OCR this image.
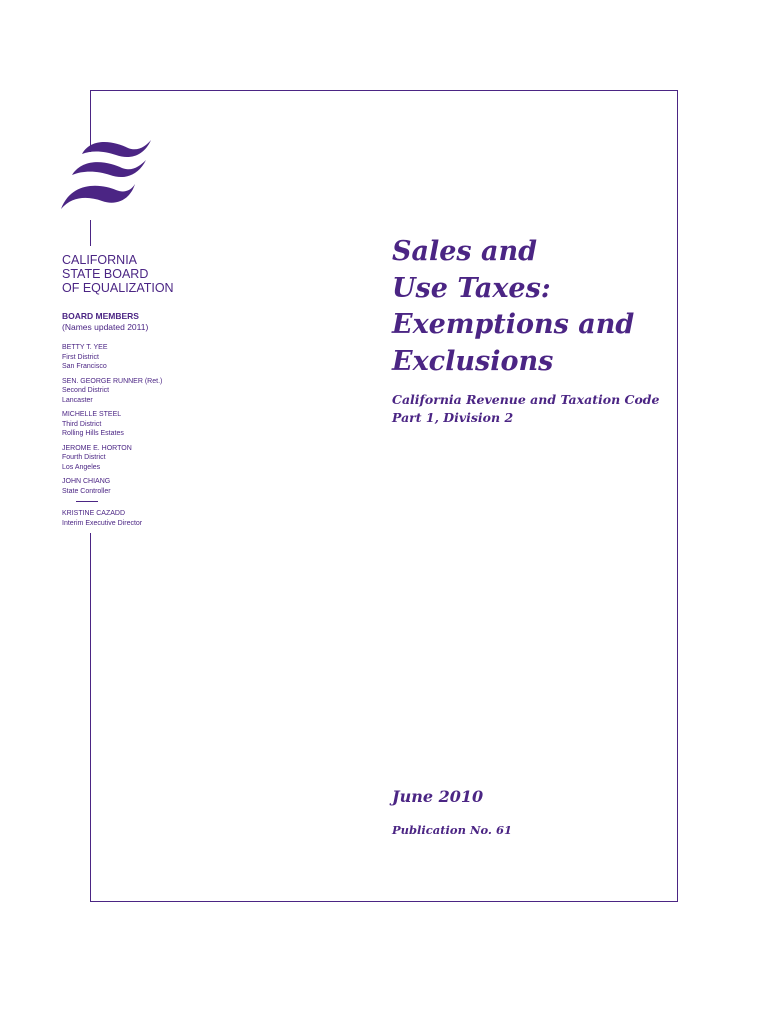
CALIFORNIA
STATE BOARD
OF EQUALIZATION
BOARD MEMBERS
(Names updated 2011)
BETTY T. YEE
First District
San Francisco
SEN. GEORGE RUNNER (Ret.)
Second District
Lancaster
MICHELLE STEEL
Third District
Rolling Hills Estates
JEROME E. HORTON
Fourth District
Los Angeles
JOHN CHIANG
State Controller
KRISTINE CAZADD
Interim Executive Director
Sales and
Use Taxes:
Exemptions and
Exclusions
California Revenue and Taxation Code
Part 1, Division 2
June 2010
Publication No. 61
